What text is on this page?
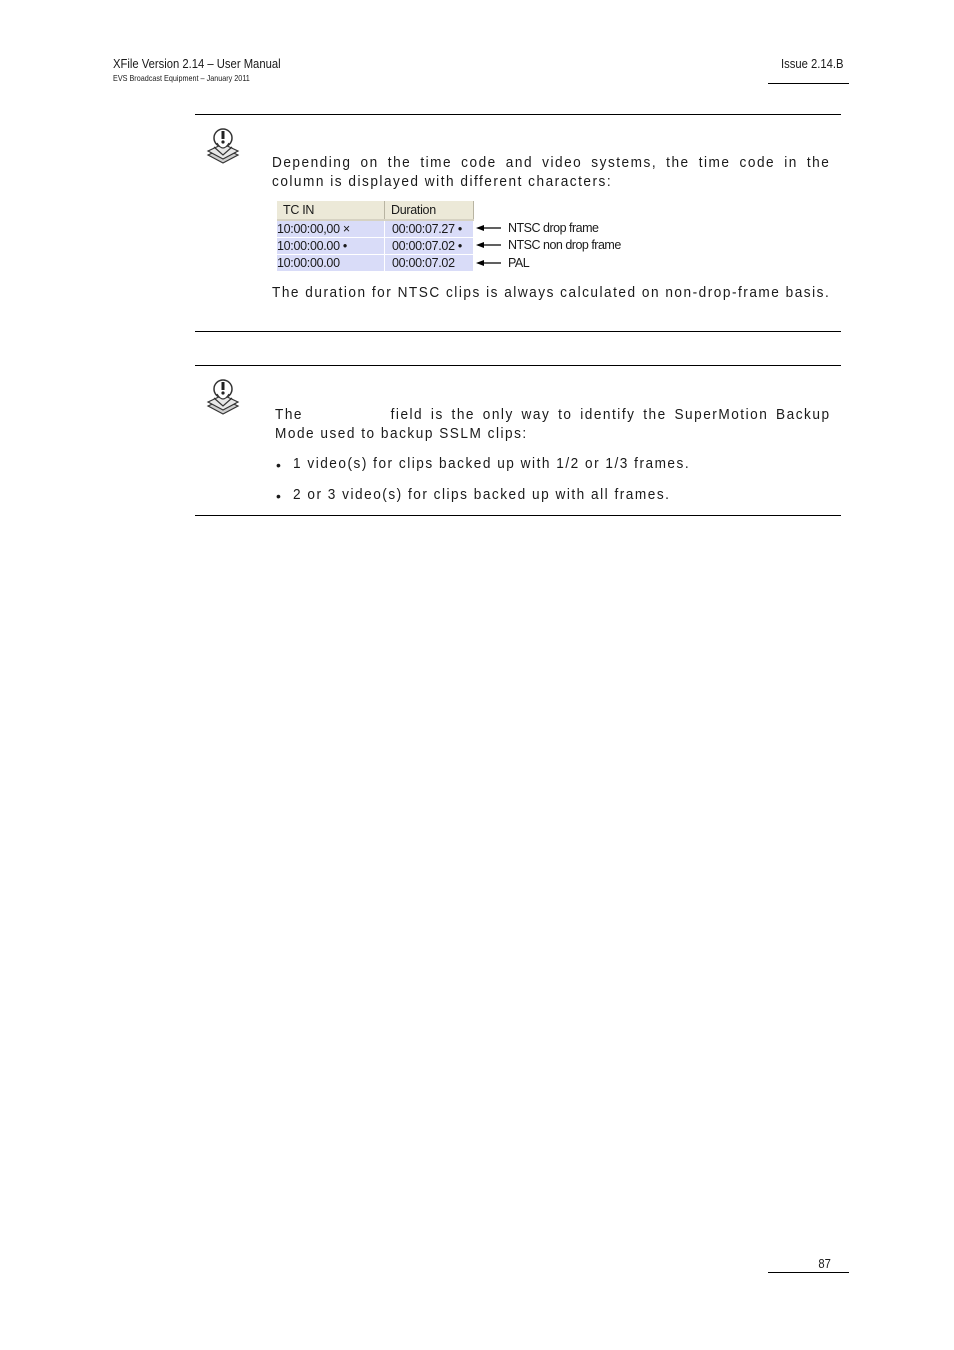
XFile Version 2.14 – User Manual
EVS Broadcast Equipment – January 2011
Issue 2.14.B
Depending on the time code and video systems, the time code in the column is displayed with different characters:
TC IN	Duration
10:00:00,00 ×	00:00:07.27 •
10:00:00.00 •	00:00:07.02 •
10:00:00.00	00:00:07.02
NTSC drop frame
NTSC non drop frame
PAL
The duration for NTSC clips is always calculated on non-drop-frame basis.
The	field is the only way to identify the SuperMotion Backup Mode used to backup SSLM clips:
• 1 video(s) for clips backed up with 1/2 or 1/3 frames.
• 2 or 3 video(s) for clips backed up with all frames.
87
